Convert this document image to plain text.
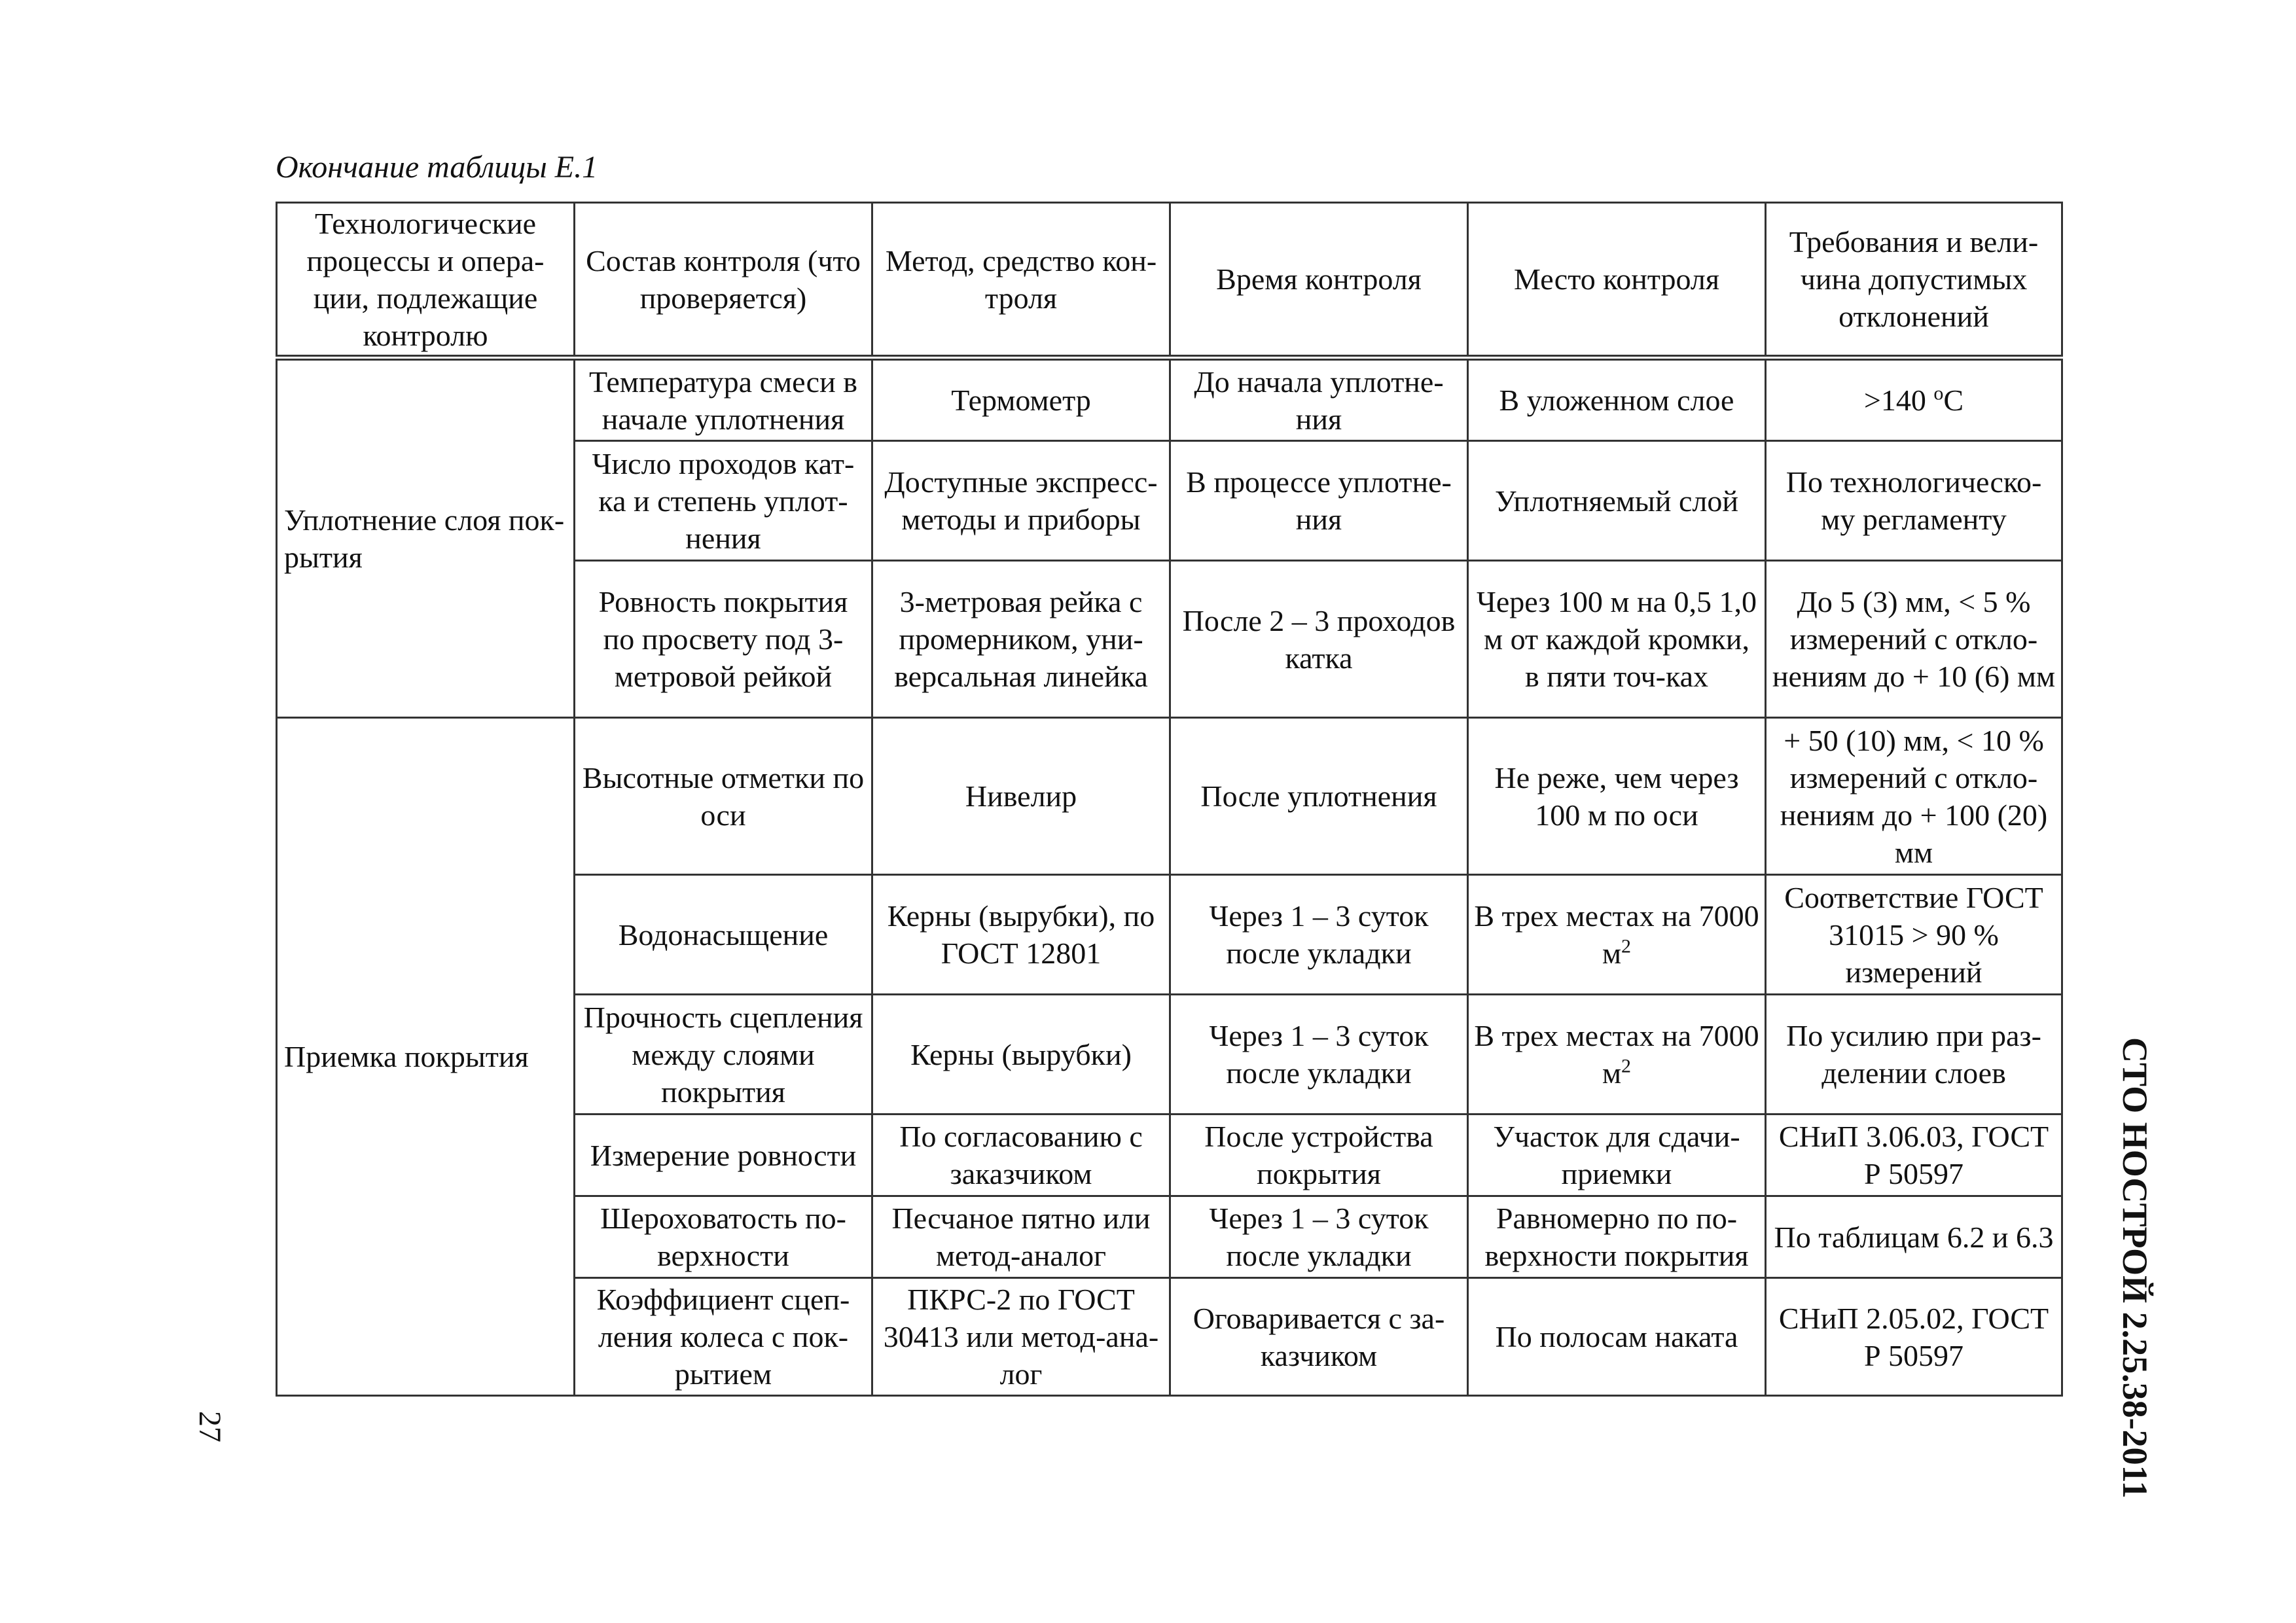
Окончание таблицы Е.1
Технологические процессы и опера-ции, подлежащие контролю	Состав контроля (что проверяется)	Метод, средство кон-троля	Время контроля	Место контроля	Требования и вели-чина допустимых отклонений
Уплотнение слоя пок-рытия	Температура смеси в начале уплотнения	Термометр	До начала уплотне-ния	В уложенном слое	>140 $^о$С
	Число проходов кат-ка и степень уплот-нения	Доступные экспресс-методы и приборы	В процессе уплотне-ния	Уплотняемый слой	По технологическо-му регламенту
	Ровность покрытия по просвету под 3-метровой рейкой	3-метровая рейка с промерником, уни-версальная линейка	После 2 – 3 проходов катка	Через 100 м на 0,5 1,0 м от каждой кромки, в пяти точ-ках	До 5 (3) мм, < 5 % измерений с откло-нениям до + 10 (6) мм
Приемка покрытия	Высотные отметки по оси	Нивелир	После уплотнения	Не реже, чем через 100 м по оси	+ 50 (10) мм, < 10 % измерений с откло-нениям до + 100 (20) мм
	Водонасыщение	Керны (вырубки), по ГОСТ 12801	Через 1 – 3 суток после укладки	В трех местах на 7000 $м^2$	Соответствие ГОСТ 31015 > 90 % измерений
	Прочность сцепления между слоями покрытия	Керны (вырубки)	Через 1 – 3 суток после укладки	В трех местах на 7000 $м^2$	По усилию при раз-делении слоев
	Измерение ровности	По согласованию с заказчиком	После устройства покрытия	Участок для сдачи-приемки	СНиП 3.06.03, ГОСТ Р 50597
	Шероховатость по-верхности	Песчаное пятно или метод-аналог	Через 1 – 3 суток после укладки	Равномерно по по-верхности покрытия	По таблицам 6.2 и 6.3
	Коэффициент сцеп-ления колеса с пок-рытием	ПКРС-2 по ГОСТ 30413 или метод-ана-лог	Оговаривается с за-казчиком	По полосам наката	СНиП 2.05.02, ГОСТ Р 50597	СТО НОСТРОЙ 2.25.38-2011
27
